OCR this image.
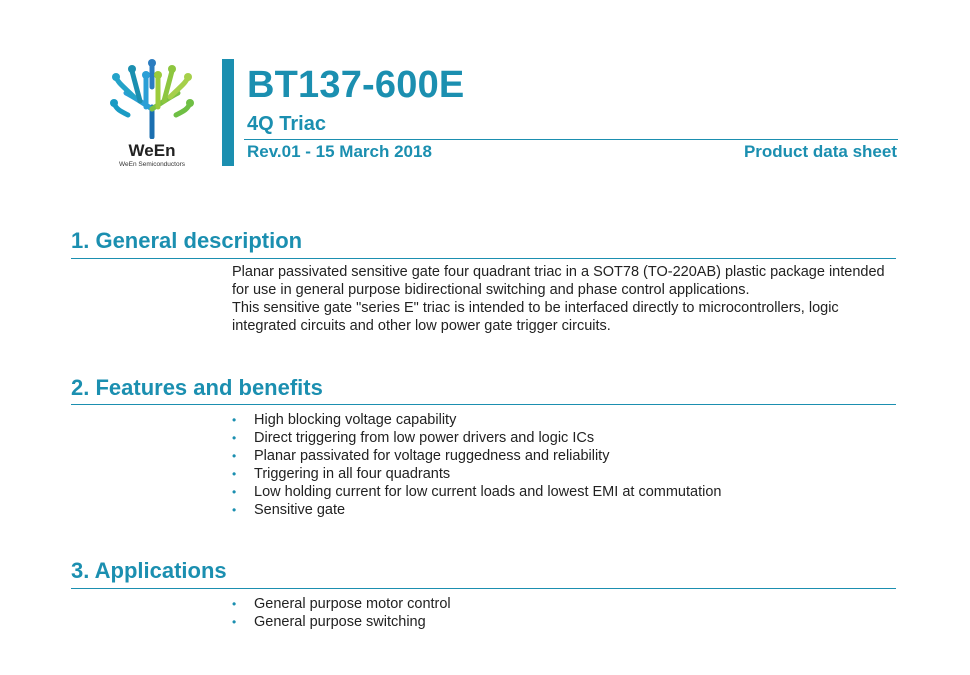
WeEn
WeEn Semiconductors
BT137-600E
4Q Triac
Rev.01 - 15 March 2018	Product data sheet
1. General description

Planar passivated sensitive gate four quadrant triac in a SOT78 (TO-220AB) plastic package intended for use in general purpose bidirectional switching and phase control applications.

This sensitive gate "series E" triac is intended to be interfaced directly to microcontrollers, logic integrated circuits and other low power gate trigger circuits.

2. Features and benefits
• High blocking voltage capability
• Direct triggering from low power drivers and logic ICs
• Planar passivated for voltage ruggedness and reliability
• Triggering in all four quadrants
• Low holding current for low current loads and lowest EMI at commutation
• Sensitive gate
3. Applications
• General purpose motor control
• General purpose switching
